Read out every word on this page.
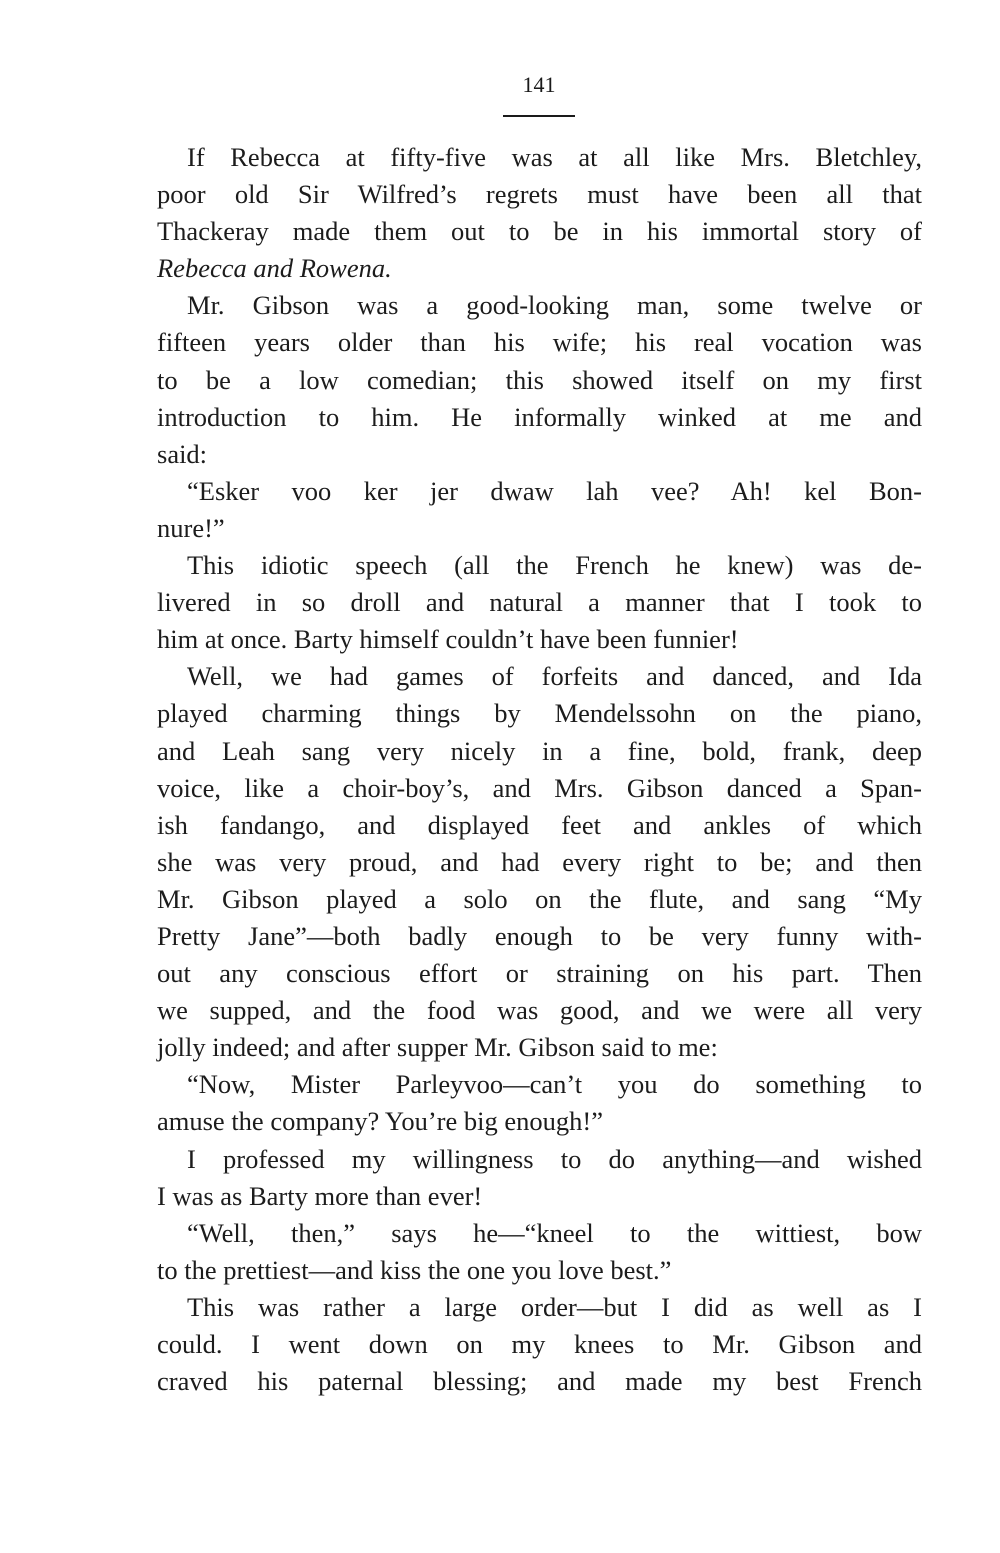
141
If Rebecca at fifty-five was at all like Mrs. Bletchley,
poor old Sir Wilfred’s regrets must have been all that
Thackeray made them out to be in his immortal story of
Rebecca and Rowena.
Mr. Gibson was a good-looking man, some twelve or
fifteen years older than his wife; his real vocation was
to be a low comedian; this showed itself on my first
introduction to him. He informally winked at me and
said:
“Esker voo ker jer dwaw lah vee? Ah! kel Bon-
nure!”
This idiotic speech (all the French he knew) was de-
livered in so droll and natural a manner that I took to
him at once. Barty himself couldn’t have been funnier!
Well, we had games of forfeits and danced, and Ida
played charming things by Mendelssohn on the piano,
and Leah sang very nicely in a fine, bold, frank, deep
voice, like a choir-boy’s, and Mrs. Gibson danced a Span-
ish fandango, and displayed feet and ankles of which
she was very proud, and had every right to be; and then
Mr. Gibson played a solo on the flute, and sang “My
Pretty Jane”—both badly enough to be very funny with-
out any conscious effort or straining on his part. Then
we supped, and the food was good, and we were all very
jolly indeed; and after supper Mr. Gibson said to me:
“Now, Mister Parleyvoo—can’t you do something to
amuse the company? You’re big enough!”
I professed my willingness to do anything—and wished
I was as Barty more than ever!
“Well, then,” says he—“kneel to the wittiest, bow
to the prettiest—and kiss the one you love best.”
This was rather a large order—but I did as well as I
could. I went down on my knees to Mr. Gibson and
craved his paternal blessing; and made my best French
